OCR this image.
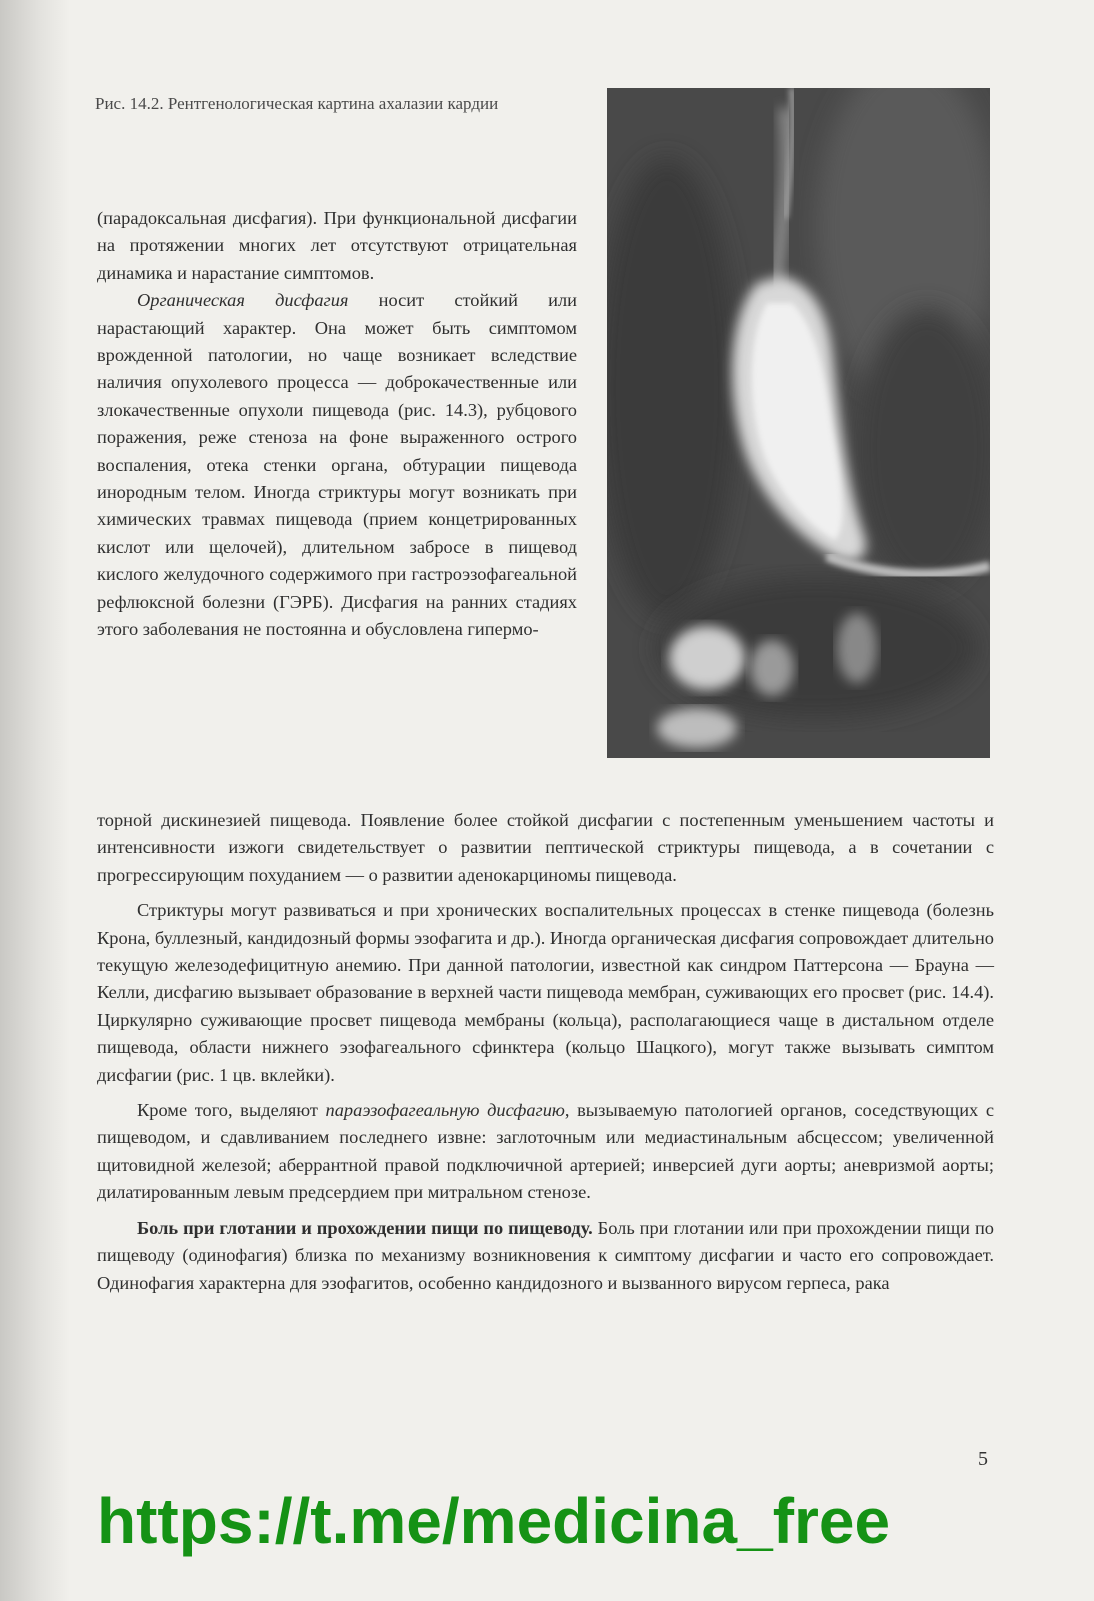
Рис. 14.2. Рентгенологическая картина ахалазии кардии

(парадоксальная дисфагия). При функциональной дисфагии на протяжении многих лет отсутствуют отрицательная динамика и нарастание симптомов.

Органическая дисфагия носит стойкий или нарастающий характер. Она может быть симптомом врожденной патологии, но чаще возникает вследствие наличия опухолевого процесса — доброкачественные или злокачественные опухоли пищевода (рис. 14.3), рубцового поражения, реже стеноза на фоне выраженного острого воспаления, отека стенки органа, обтурации пищевода инородным телом. Иногда стриктуры могут возникать при химических травмах пищевода (прием концетрированных кислот или щелочей), длительном забросе в пищевод кислого желудочного содержимого при гастроэзофагеальной рефлюксной болезни (ГЭРБ). Дисфагия на ранних стадиях этого заболевания не постоянна и обусловлена гипермо-

торной дискинезией пищевода. Появление более стойкой дисфагии с постепенным уменьшением частоты и интенсивности изжоги свидетельствует о развитии пептической стриктуры пищевода, а в сочетании с прогрессирующим похуданием — о развитии аденокарциномы пищевода.

Стриктуры могут развиваться и при хронических воспалительных процессах в стенке пищевода (болезнь Крона, буллезный, кандидозный формы эзофагита и др.). Иногда органическая дисфагия сопровождает длительно текущую железодефицитную анемию. При данной патологии, известной как синдром Паттерсона — Брауна — Келли, дисфагию вызывает образование в верхней части пищевода мембран, суживающих его просвет (рис. 14.4). Циркулярно суживающие просвет пищевода мембраны (кольца), располагающиеся чаще в дистальном отделе пищевода, области нижнего эзофагеального сфинктера (кольцо Шацкого), могут также вызывать симптом дисфагии (рис. 1 цв. вклейки).

Кроме того, выделяют параэзофагеальную дисфагию, вызываемую патологией органов, соседствующих с пищеводом, и сдавливанием последнего извне: заглоточным или медиастинальным абсцессом; увеличенной щитовидной железой; аберрантной правой подключичной артерией; инверсией дуги аорты; аневризмой аорты; дилатированным левым предсердием при митральном стенозе.

Боль при глотании и прохождении пищи по пищеводу. Боль при глотании или при прохождении пищи по пищеводу (одинофагия) близка по механизму возникновения к симптому дисфагии и часто его сопровождает. Одинофагия характерна для эзофагитов, особенно кандидозного и вызванного вирусом герпеса, рака

5
https://t.me/medicina_free
